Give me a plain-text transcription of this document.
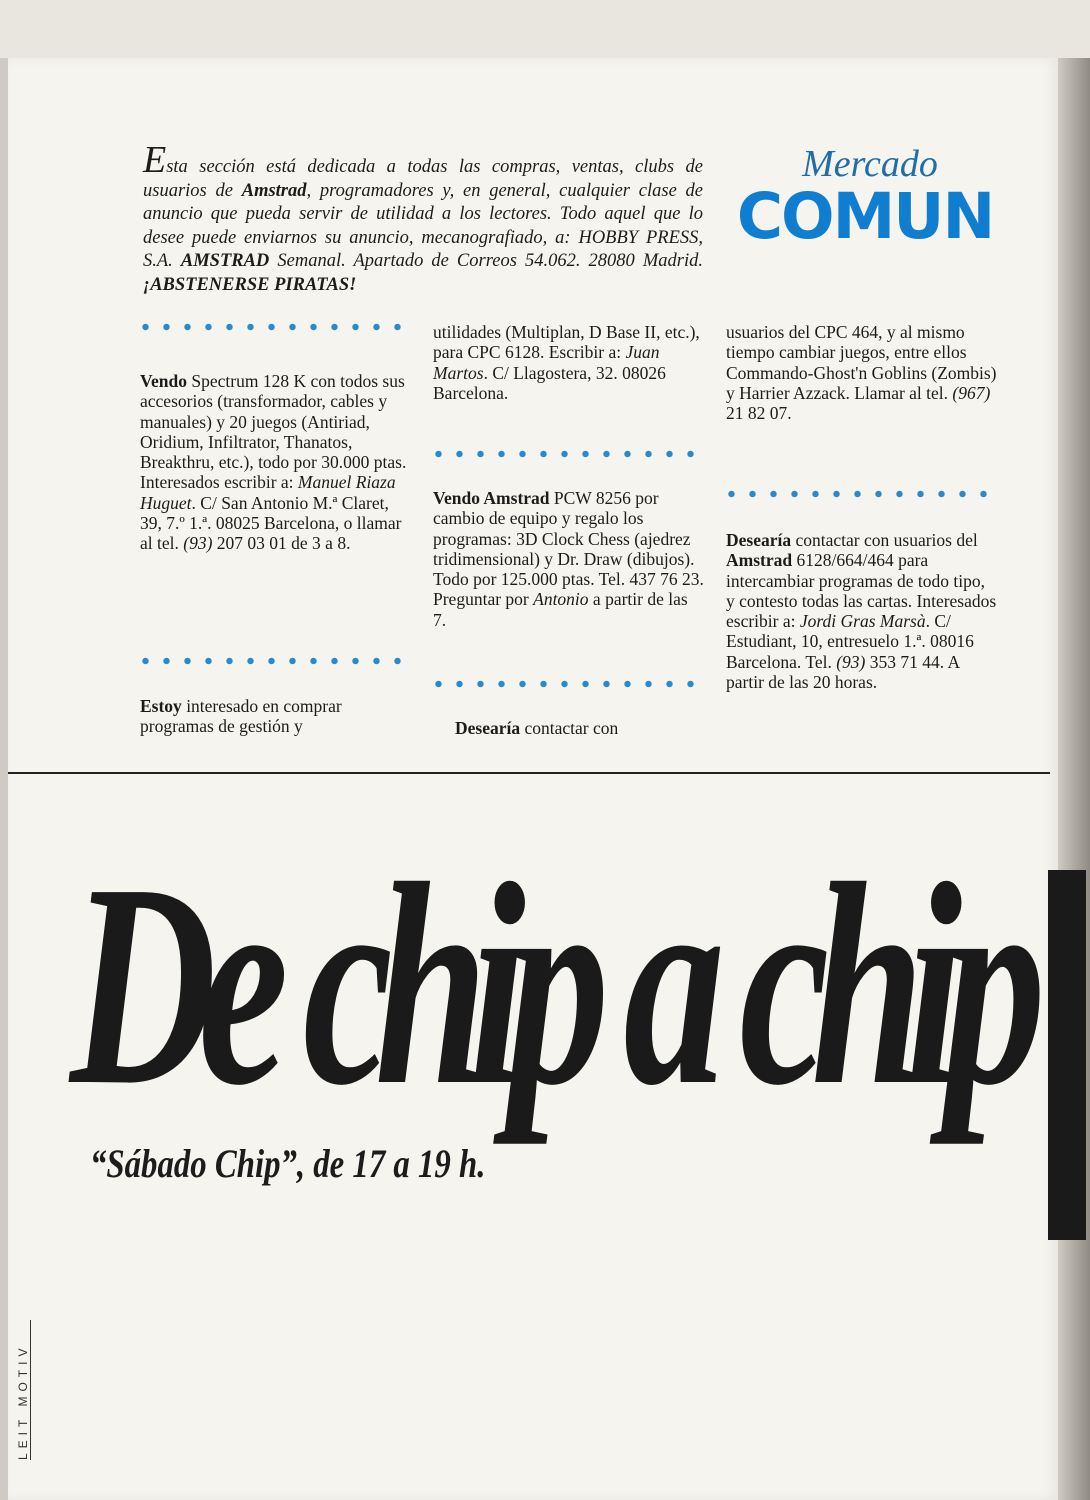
Esta sección está dedicada a todas las compras, ventas, clubs de usuarios de Amstrad, programadores y, en general, cualquier clase de anuncio que pueda servir de utilidad a los lectores. Todo aquel que lo desee puede enviarnos su anuncio, mecanografiado, a: HOBBY PRESS, S.A. AMSTRAD Semanal. Apartado de Correos 54.062. 28080 Madrid. ¡ABSTENERSE PIRATAS!
Mercado
COMUN

Vendo Spectrum 128 K con todos sus accesorios (transformador, cables y manuales) y 20 juegos (Antiriad, Oridium, Infiltrator, Thanatos, Breakthru, etc.), todo por 30.000 ptas. Interesados escribir a: Manuel Riaza Huguet. C/ San Antonio M.ª Claret, 39, 7.º 1.ª. 08025 Barcelona, o llamar al tel. (93) 207 03 01 de 3 a 8.

Estoy interesado en comprar programas de gestión y

utilidades (Multiplan, D Base II, etc.), para CPC 6128. Escribir a: Juan Martos. C/ Llagostera, 32. 08026 Barcelona.

Vendo Amstrad PCW 8256 por cambio de equipo y regalo los programas: 3D Clock Chess (ajedrez tridimensional) y Dr. Draw (dibujos). Todo por 125.000 ptas. Tel. 437 76 23. Preguntar por Antonio a partir de las 7.

Desearía contactar con

usuarios del CPC 464, y al mismo tiempo cambiar juegos, entre ellos Commando-Ghost'n Goblins (Zombis) y Harrier Azzack. Llamar al tel. (967) 21 82 07.

Desearía contactar con usuarios del Amstrad 6128/664/464 para intercambiar programas de todo tipo, y contesto todas las cartas. Interesados escribir a: Jordi Gras Marsà. C/ Estudiant, 10, entresuelo 1.ª. 08016 Barcelona. Tel. (93) 353 71 44. A partir de las 20 horas.

De chip a chip
“Sábado Chip”, de 17 a 19 h.
LEIT MOTIV
